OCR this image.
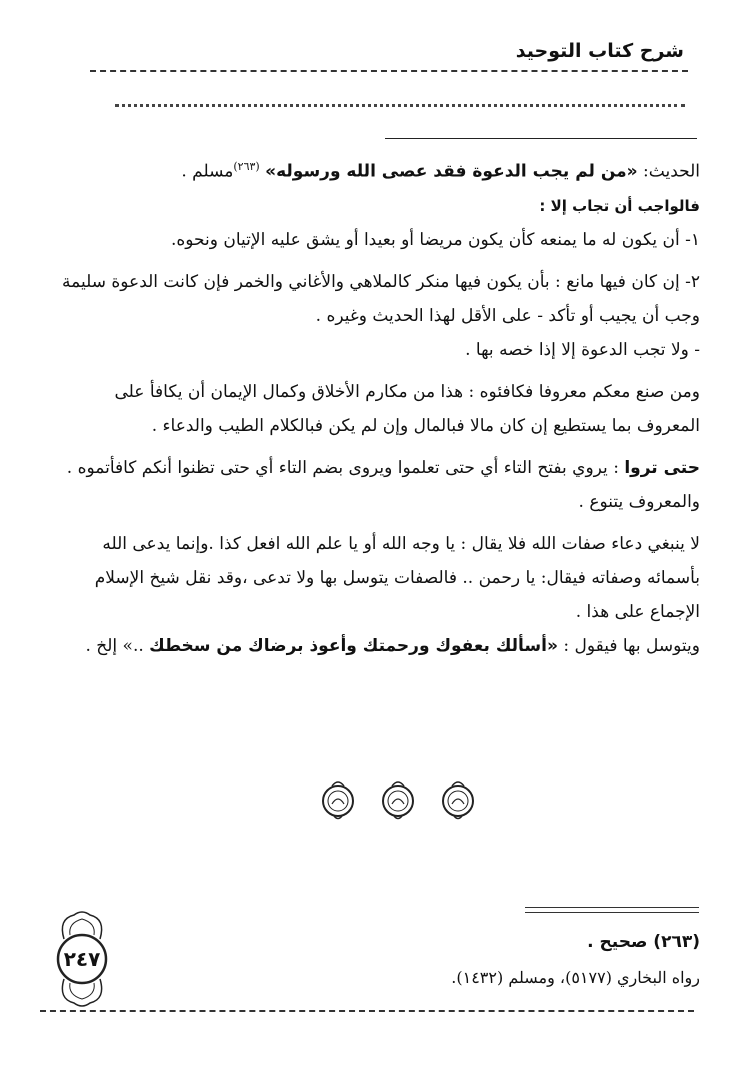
شرح كتاب التوحيد

الحديث: «من لم يجب الدعوة فقد عصى الله ورسوله» $^{(٢٦٣)}$مسلم .

فالواجب أن تجاب إلا :

١- أن يكون له ما يمنعه كأن يكون مريضا أو بعيدا أو يشق عليه الإتيان ونحوه.

٢- إن كان فيها مانع : بأن يكون فيها منكر كالملاهي والأغاني والخمر فإن كانت الدعوة سليمة وجب أن يجيب أو تأكد - على الأقل لهذا الحديث وغيره .

- ولا تجب الدعوة إلا إذا خصه بها .

ومن صنع معكم معروفا فكافئوه : هذا من مكارم الأخلاق وكمال الإيمان أن يكافأ على المعروف بما يستطيع إن كان مالا فبالمال وإن لم يكن فبالكلام الطيب والدعاء .

حتى تروا : يروي بفتح التاء أي حتى تعلموا ويروى بضم التاء أي حتى تظنوا أنكم كافأتموه . والمعروف يتنوع .

لا ينبغي دعاء صفات الله فلا يقال : يا وجه الله أو يا علم الله افعل كذا .وإنما يدعى الله بأسمائه وصفاته فيقال: يا رحمن .. فالصفات يتوسل بها ولا تدعى ،وقد نقل شيخ الإسلام الإجماع على هذا .

ويتوسل بها فيقول : «أسألك بعفوك ورحمتك وأعوذ برضاك من سخطك ..» إلخ .

(٢٦٣) صحيح .
رواه البخاري (٥١٧٧)، ومسلم (١٤٣٢).
٢٤٧
